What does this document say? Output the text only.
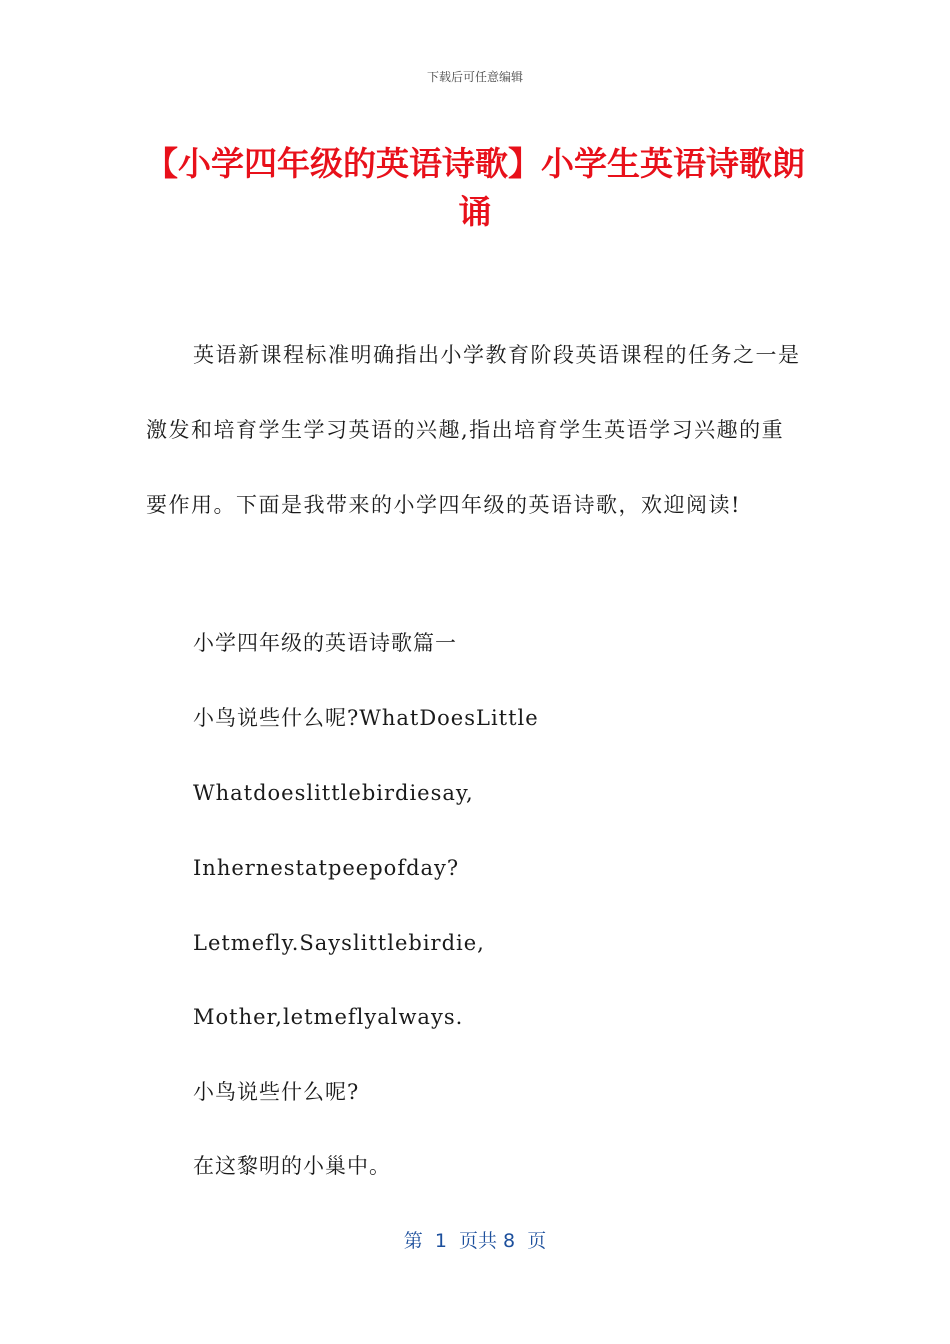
下载后可任意编辑
【小学四年级的英语诗歌】小学生英语诗歌朗诵

英语新课程标准明确指出小学教育阶段英语课程的任务之一是激发和培育学生学习英语的兴趣,指出培育学生英语学习兴趣的重要作用。下面是我带来的小学四年级的英语诗歌，欢迎阅读!

小学四年级的英语诗歌篇一

小鸟说些什么呢?WhatDoesLittle

Whatdoeslittlebirdiesay,

Inhernestatpeepofday?

Letmefly.Sayslittlebirdie,

Mother,letmeflyalways.

小鸟说些什么呢?

在这黎明的小巢中。

第  1  页共 8  页
